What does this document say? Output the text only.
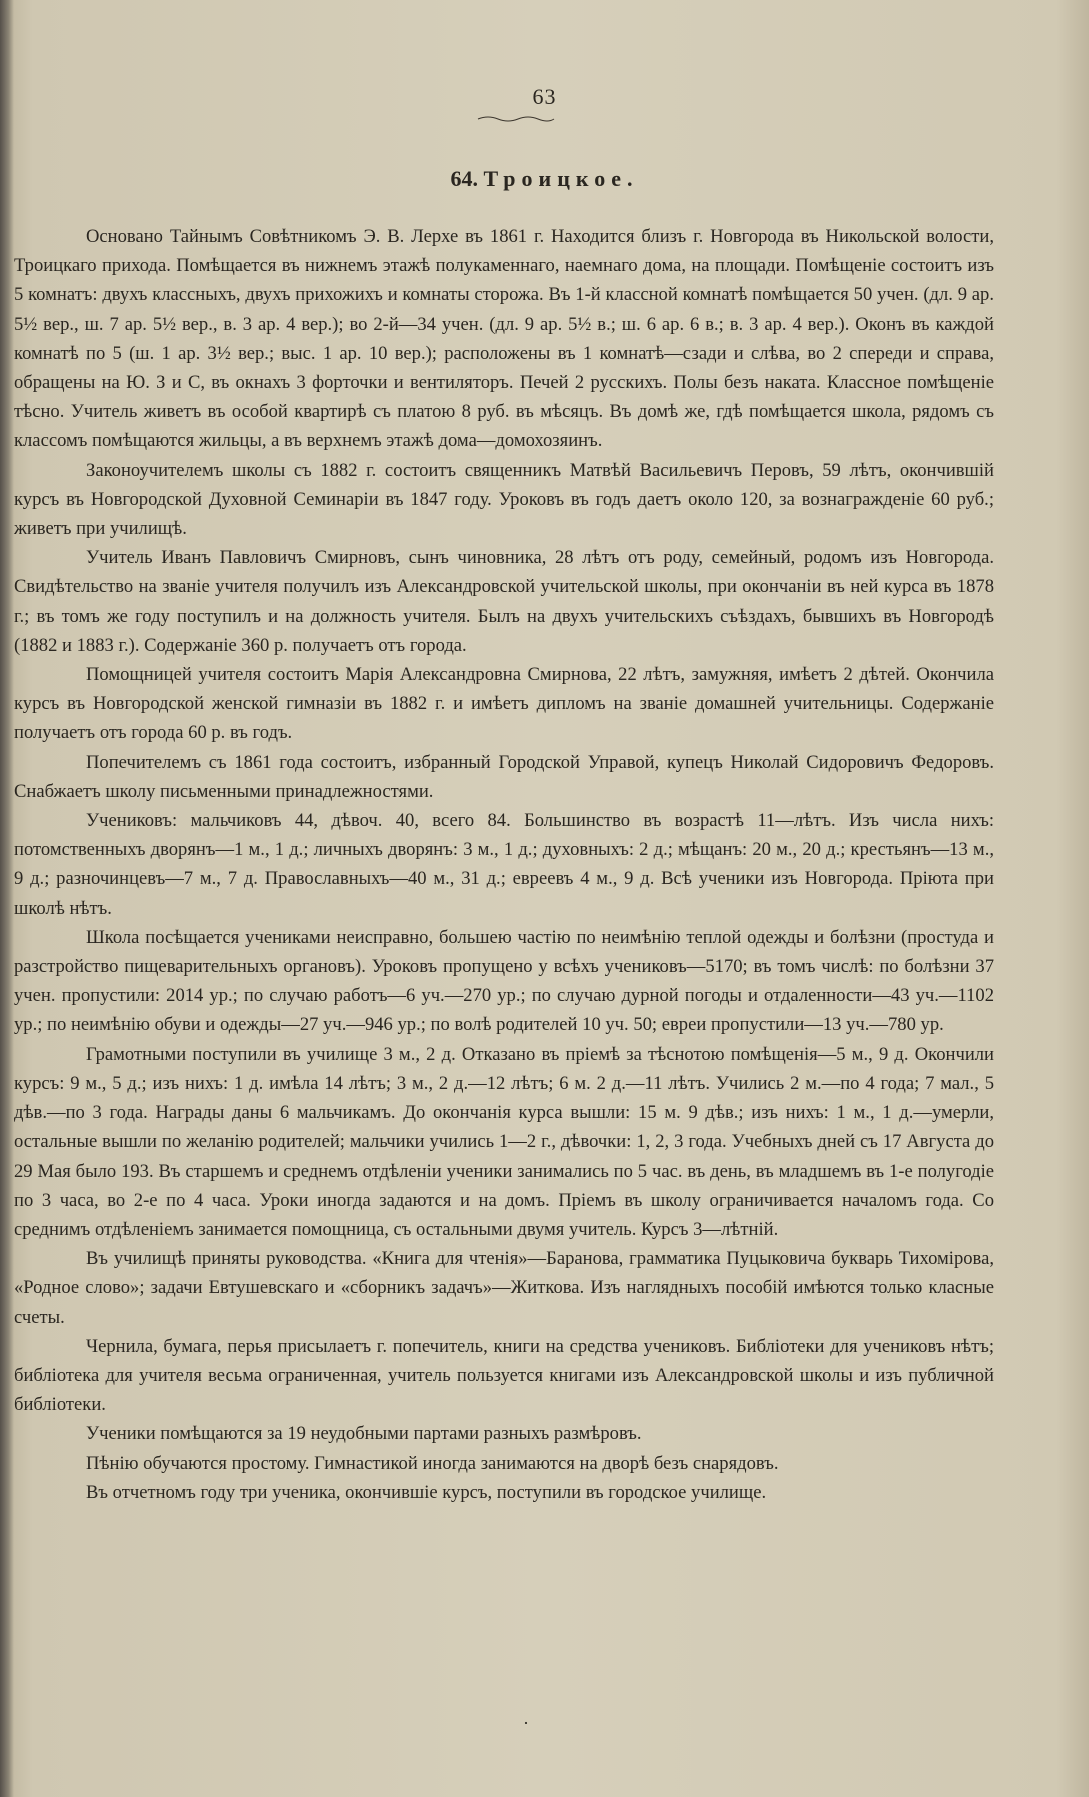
63
64. Троицкое.

Основано Тайнымъ Совѣтникомъ Э. В. Лерхе въ 1861 г. Находится близъ г. Новгорода въ Никольской волости, Троицкаго прихода. Помѣщается въ нижнемъ этажѣ полукаменнаго, наемнаго дома, на площади. Помѣщеніе состоитъ изъ 5 комнатъ: двухъ классныхъ, двухъ прихожихъ и комнаты сторожа. Въ 1-й классной комнатѣ помѣщается 50 учен. (дл. 9 ар. 5½ вер., ш. 7 ар. 5½ вер., в. 3 ар. 4 вер.); во 2-й—34 учен. (дл. 9 ар. 5½ в.; ш. 6 ар. 6 в.; в. 3 ар. 4 вер.). Оконъ въ каждой комнатѣ по 5 (ш. 1 ар. 3½ вер.; выс. 1 ар. 10 вер.); расположены въ 1 комнатѣ—сзади и слѣва, во 2 спереди и справа, обращены на Ю. З и С, въ окнахъ 3 форточки и вентиляторъ. Печей 2 русскихъ. Полы безъ наката. Классное помѣщеніе тѣсно. Учитель живетъ въ особой квартирѣ съ платою 8 руб. въ мѣсяцъ. Въ домѣ же, гдѣ помѣщается школа, рядомъ съ классомъ помѣщаются жильцы, а въ верхнемъ этажѣ дома—домохозяинъ.

Законоучителемъ школы съ 1882 г. состоитъ священникъ Матвѣй Васильевичъ Перовъ, 59 лѣтъ, окончившій курсъ въ Новгородской Духовной Семинаріи въ 1847 году. Уроковъ въ годъ даетъ около 120, за вознагражденіе 60 руб.; живетъ при училищѣ.

Учитель Иванъ Павловичъ Смирновъ, сынъ чиновника, 28 лѣтъ отъ роду, семейный, родомъ изъ Новгорода. Свидѣтельство на званіе учителя получилъ изъ Александровской учительской школы, при окончаніи въ ней курса въ 1878 г.; въ томъ же году поступилъ и на должность учителя. Былъ на двухъ учительскихъ съѣздахъ, бывшихъ въ Новгородѣ (1882 и 1883 г.). Содержаніе 360 р. получаетъ отъ города.

Помощницей учителя состоитъ Марія Александровна Смирнова, 22 лѣтъ, замужняя, имѣетъ 2 дѣтей. Окончила курсъ въ Новгородской женской гимназіи въ 1882 г. и имѣетъ дипломъ на званіе домашней учительницы. Содержаніе получаетъ отъ города 60 р. въ годъ.

Попечителемъ съ 1861 года состоитъ, избранный Городской Управой, купецъ Николай Сидоровичъ Федоровъ. Снабжаетъ школу письменными принадлежностями.

Учениковъ: мальчиковъ 44, дѣвоч. 40, всего 84. Большинство въ возрастѣ 11—лѣтъ. Изъ числа нихъ: потомственныхъ дворянъ—1 м., 1 д.; личныхъ дворянъ: 3 м., 1 д.; духовныхъ: 2 д.; мѣщанъ: 20 м., 20 д.; крестьянъ—13 м., 9 д.; разночинцевъ—7 м., 7 д. Православныхъ—40 м., 31 д.; евреевъ 4 м., 9 д. Всѣ ученики изъ Новгорода. Пріюта при школѣ нѣтъ.

Школа посѣщается учениками неисправно, большею частію по неимѣнію теплой одежды и болѣзни (простуда и разстройство пищеварительныхъ органовъ). Уроковъ пропущено у всѣхъ учениковъ—5170; въ томъ числѣ: по болѣзни 37 учен. пропустили: 2014 ур.; по случаю работъ—6 уч.—270 ур.; по случаю дурной погоды и отдаленности—43 уч.—1102 ур.; по неимѣнію обуви и одежды—27 уч.—946 ур.; по волѣ родителей 10 уч. 50; евреи пропустили—13 уч.—780 ур.

Грамотными поступили въ училище 3 м., 2 д. Отказано въ пріемѣ за тѣснотою помѣщенія—5 м., 9 д. Окончили курсъ: 9 м., 5 д.; изъ нихъ: 1 д. имѣла 14 лѣтъ; 3 м., 2 д.—12 лѣтъ; 6 м. 2 д.—11 лѣтъ. Учились 2 м.—по 4 года; 7 мал., 5 дѣв.—по 3 года. Награды даны 6 мальчикамъ. До окончанія курса вышли: 15 м. 9 дѣв.; изъ нихъ: 1 м., 1 д.—умерли, остальные вышли по желанію родителей; мальчики учились 1—2 г., дѣвочки: 1, 2, 3 года. Учебныхъ дней съ 17 Августа до 29 Мая было 193. Въ старшемъ и среднемъ отдѣленіи ученики занимались по 5 час. въ день, въ младшемъ въ 1-е полугодіе по 3 часа, во 2-е по 4 часа. Уроки иногда задаются и на домъ. Пріемъ въ школу ограничивается началомъ года. Со среднимъ отдѣленіемъ занимается помощница, съ остальными двумя учитель. Курсъ 3—лѣтній.

Въ училищѣ приняты руководства. «Книга для чтенія»—Баранова, грамматика Пуцыковича букварь Тихомірова, «Родное слово»; задачи Евтушевскаго и «сборникъ задачъ»—Житкова. Изъ наглядныхъ пособій имѣются только класные счеты.

Чернила, бумага, перья присылаетъ г. попечитель, книги на средства учениковъ. Библіотеки для учениковъ нѣтъ; библіотека для учителя весьма ограниченная, учитель пользуется книгами изъ Александровской школы и изъ публичной библіотеки.

Ученики помѣщаются за 19 неудобными партами разныхъ размѣровъ.

Пѣнію обучаются простому. Гимнастикой иногда занимаются на дворѣ безъ снарядовъ.

Въ отчетномъ году три ученика, окончившіе курсъ, поступили въ городское училище.

·
